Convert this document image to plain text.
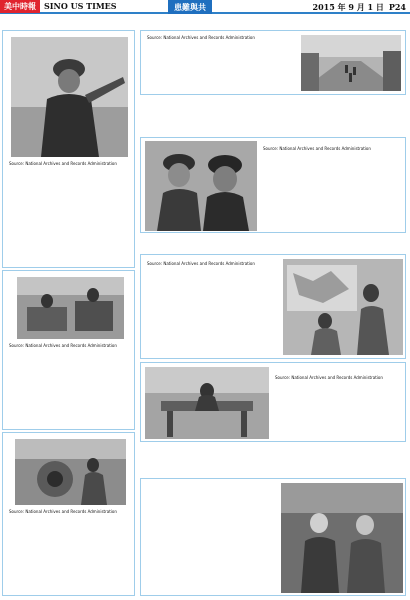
美中時報	SINO US TIMES	患難與共	2015 年 9 月 1 日 P24
Source: National Archives and Records Administration
Source: National Archives and Records Administration
Source: National Archives and Records Administration
Source: National Archives and Records Administration
Source: National Archives and Records Administration
Source: National Archives and Records Administration
Source: National Archives and Records Administration
